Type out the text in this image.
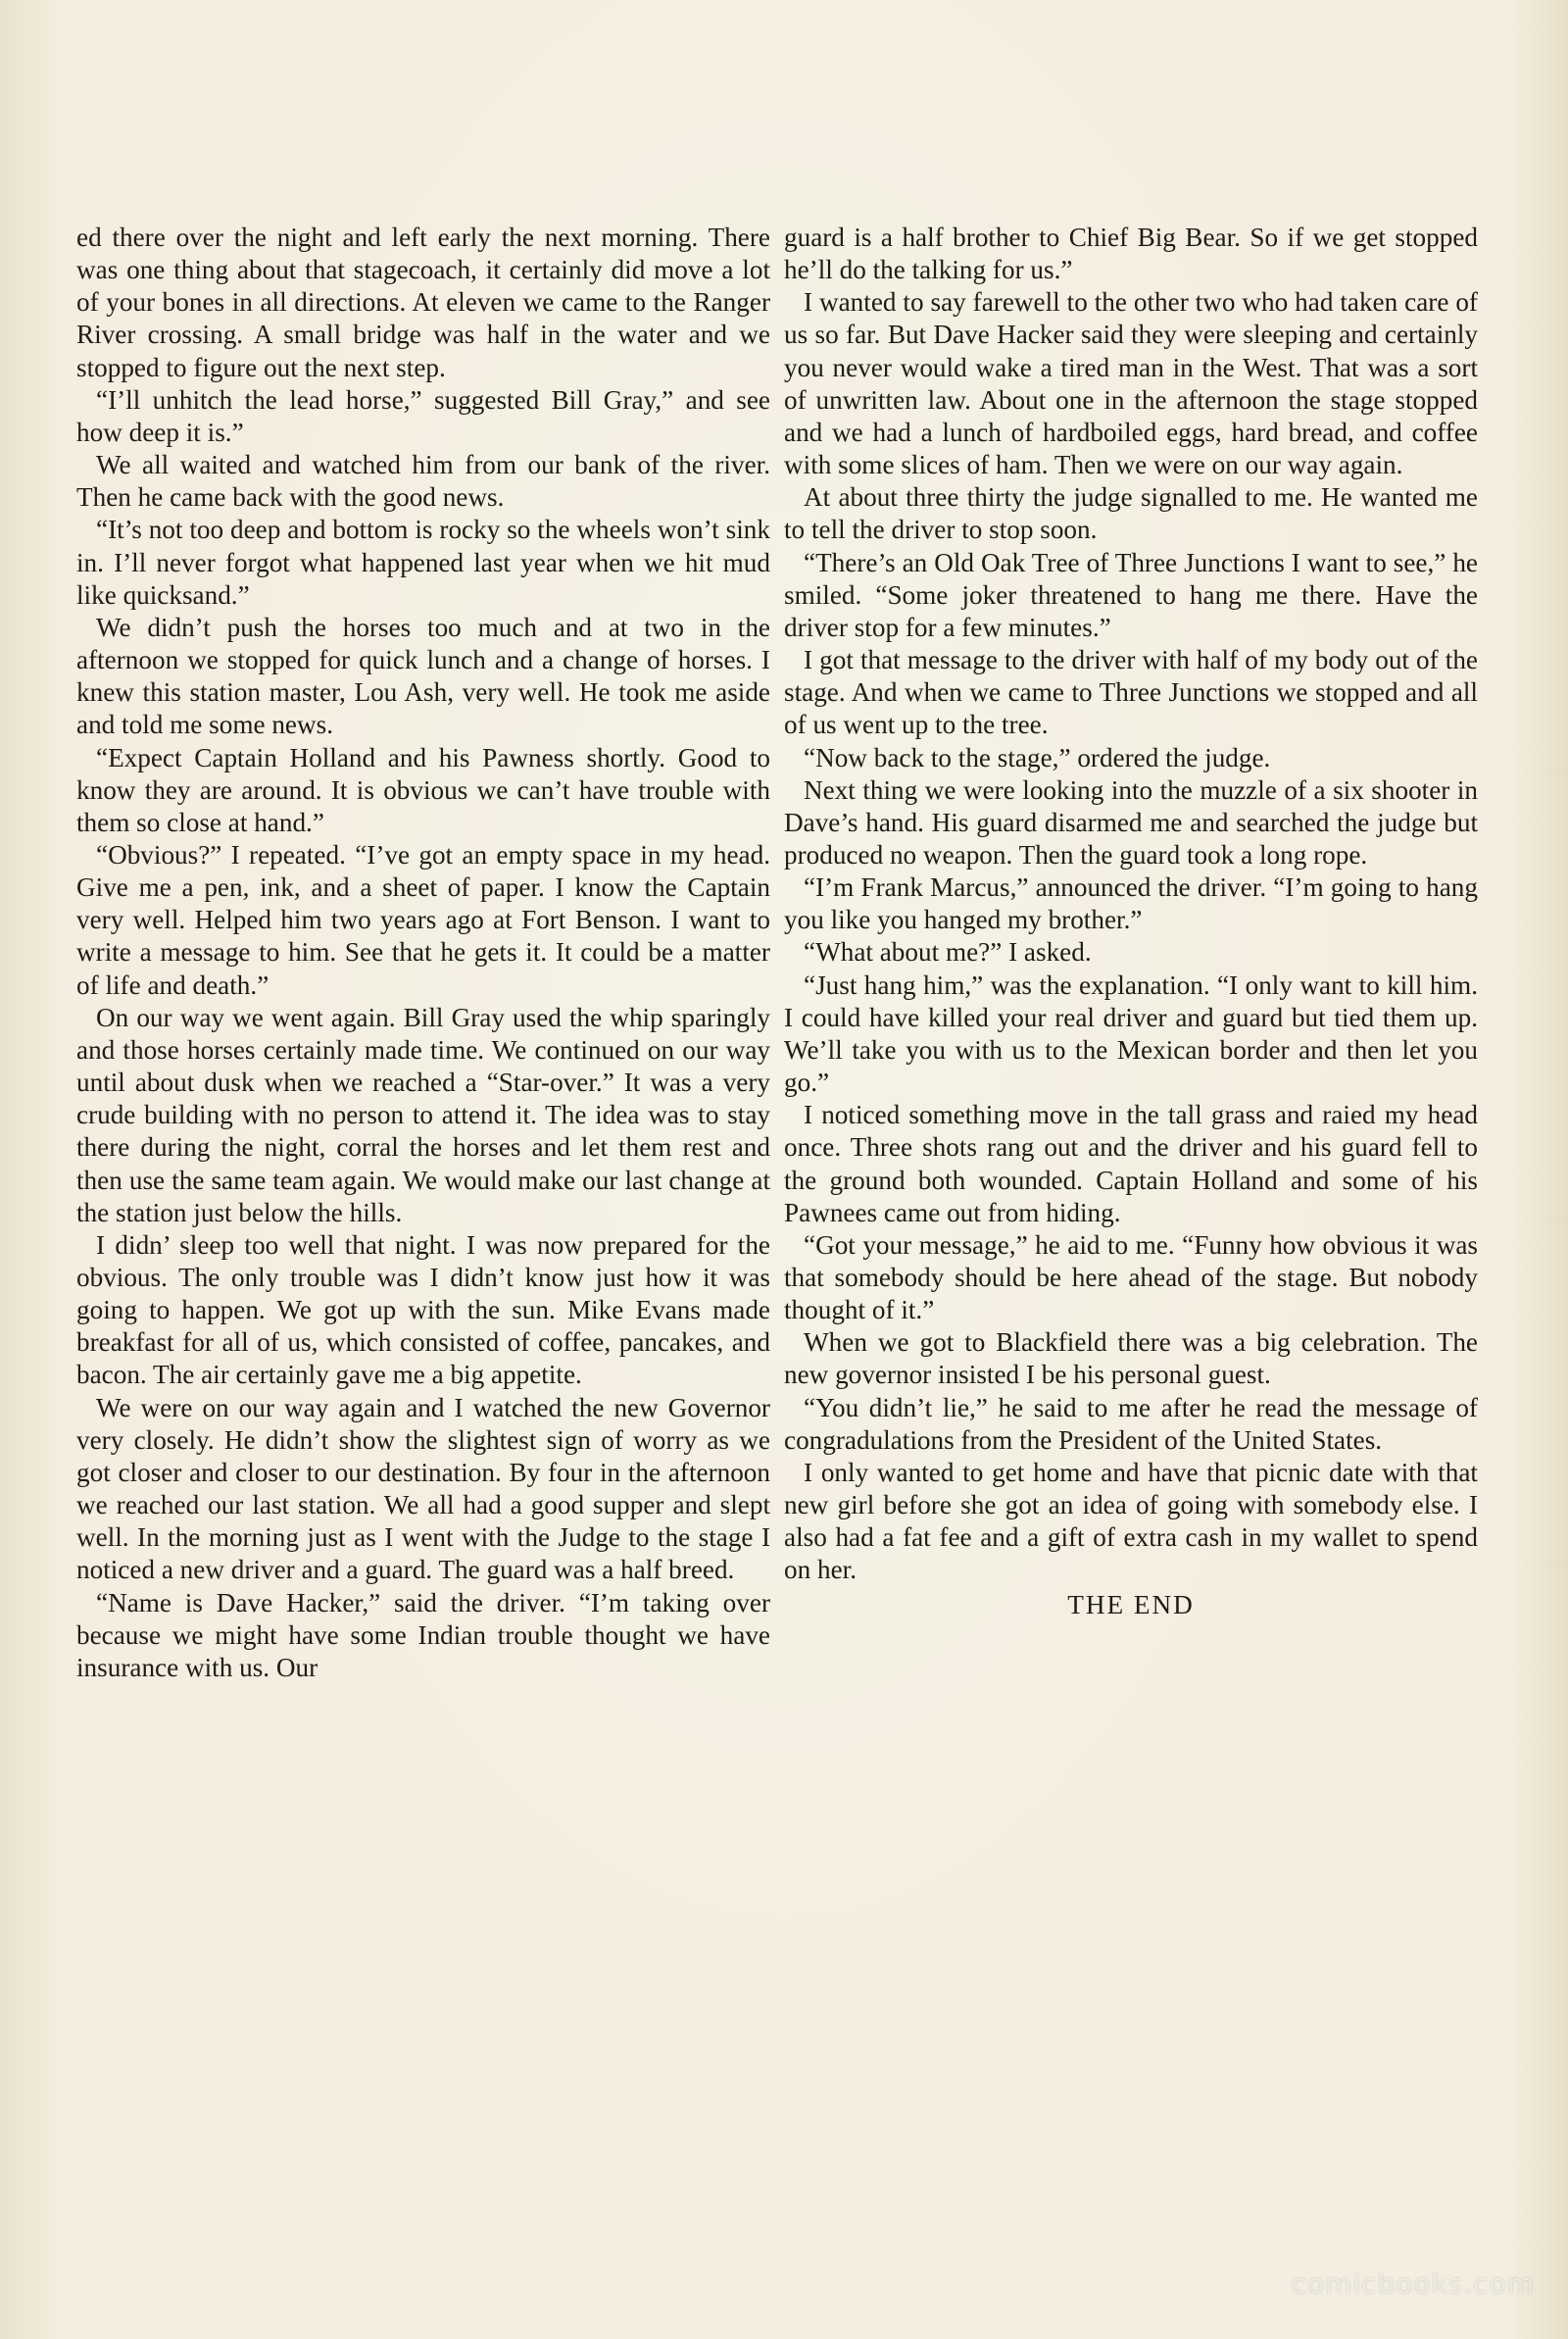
ed there over the night and left early the next morning. There was one thing about that stagecoach, it certainly did move a lot of your bones in all directions. At eleven we came to the Ranger River crossing. A small bridge was half in the water and we stopped to figure out the next step.

“I’ll unhitch the lead horse,” suggested Bill Gray,” and see how deep it is.”

We all waited and watched him from our bank of the river. Then he came back with the good news.

“It’s not too deep and bottom is rocky so the wheels won’t sink in. I’ll never forgot what happened last year when we hit mud like quicksand.”

We didn’t push the horses too much and at two in the afternoon we stopped for quick lunch and a change of horses. I knew this station master, Lou Ash, very well. He took me aside and told me some news.

“Expect Captain Holland and his Pawness shortly. Good to know they are around. It is obvious we can’t have trouble with them so close at hand.”

“Obvious?” I repeated. “I’ve got an empty space in my head. Give me a pen, ink, and a sheet of paper. I know the Captain very well. Helped him two years ago at Fort Benson. I want to write a message to him. See that he gets it. It could be a matter of life and death.”

On our way we went again. Bill Gray used the whip sparingly and those horses certainly made time. We continued on our way until about dusk when we reached a “Star-over.” It was a very crude building with no person to attend it. The idea was to stay there during the night, corral the horses and let them rest and then use the same team again. We would make our last change at the station just below the hills.

I didn’ sleep too well that night. I was now prepared for the obvious. The only trouble was I didn’t know just how it was going to happen. We got up with the sun. Mike Evans made breakfast for all of us, which consisted of coffee, pancakes, and bacon. The air certainly gave me a big appetite.

We were on our way again and I watched the new Governor very closely. He didn’t show the slightest sign of worry as we got closer and closer to our destination. By four in the afternoon we reached our last station. We all had a good supper and slept well. In the morning just as I went with the Judge to the stage I noticed a new driver and a guard. The guard was a half breed.

“Name is Dave Hacker,” said the driver. “I’m taking over because we might have some Indian trouble thought we have insurance with us. Our

guard is a half brother to Chief Big Bear. So if we get stopped he’ll do the talking for us.”

I wanted to say farewell to the other two who had taken care of us so far. But Dave Hacker said they were sleeping and certainly you never would wake a tired man in the West. That was a sort of unwritten law. About one in the afternoon the stage stopped and we had a lunch of hardboiled eggs, hard bread, and coffee with some slices of ham. Then we were on our way again.

At about three thirty the judge signalled to me. He wanted me to tell the driver to stop soon.

“There’s an Old Oak Tree of Three Junctions I want to see,” he smiled. “Some joker threatened to hang me there. Have the driver stop for a few minutes.”

I got that message to the driver with half of my body out of the stage. And when we came to Three Junctions we stopped and all of us went up to the tree.

“Now back to the stage,” ordered the judge.

Next thing we were looking into the muzzle of a six shooter in Dave’s hand. His guard disarmed me and searched the judge but produced no weapon. Then the guard took a long rope.

“I’m Frank Marcus,” announced the driver. “I’m going to hang you like you hanged my brother.”

“What about me?” I asked.

“Just hang him,” was the explanation. “I only want to kill him. I could have killed your real driver and guard but tied them up. We’ll take you with us to the Mexican border and then let you go.”

I noticed something move in the tall grass and raied my head once. Three shots rang out and the driver and his guard fell to the ground both wounded. Captain Holland and some of his Pawnees came out from hiding.

“Got your message,” he aid to me. “Funny how obvious it was that somebody should be here ahead of the stage. But nobody thought of it.”

When we got to Blackfield there was a big celebration. The new governor insisted I be his personal guest.

“You didn’t lie,” he said to me after he read the message of congradulations from the President of the United States.

I only wanted to get home and have that picnic date with that new girl before she got an idea of going with somebody else. I also had a fat fee and a gift of extra cash in my wallet to spend on her.

THE END
comicbooks.com
